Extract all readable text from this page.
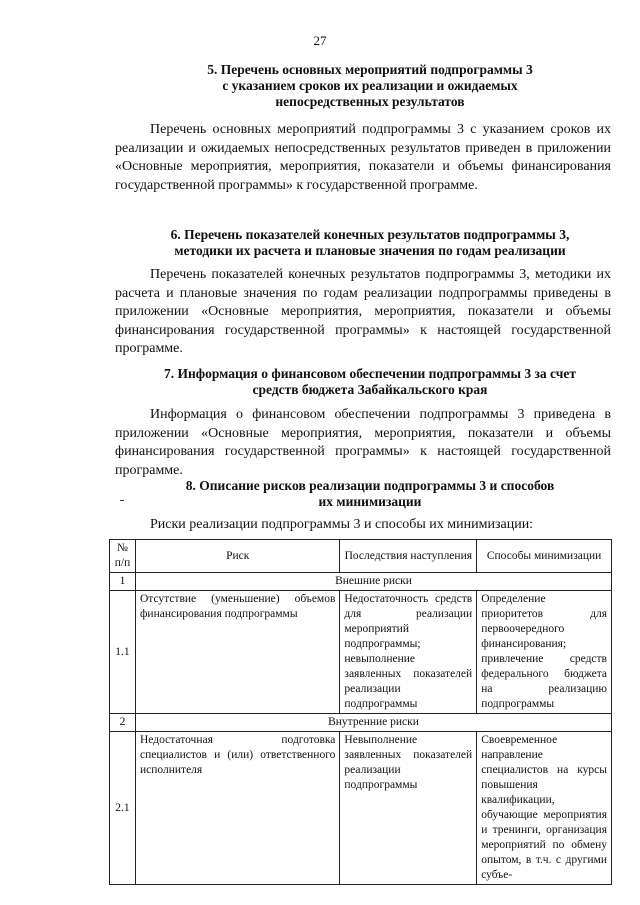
27
5. Перечень основных мероприятий подпрограммы 3
с указанием сроков их реализации и ожидаемых
непосредственных результатов
Перечень основных мероприятий подпрограммы 3 с указанием сроков их реализации и ожидаемых непосредственных результатов приведен в приложении «Основные мероприятия, мероприятия, показатели и объемы финансирования государственной программы» к государственной программе.
6. Перечень показателей конечных результатов подпрограммы 3,
методики их расчета и плановые значения по годам реализации
Перечень показателей конечных результатов подпрограммы 3, методики их расчета и плановые значения по годам реализации подпрограммы приведены в приложении «Основные мероприятия, мероприятия, показатели и объемы финансирования государственной программы» к настоящей государственной программе.
7. Информация о финансовом обеспечении подпрограммы 3 за счет
средств бюджета Забайкальского края
Информация о финансовом обеспечении подпрограммы 3 приведена в приложении «Основные мероприятия, мероприятия, показатели и объемы финансирования государственной программы» к настоящей государственной программе.
8. Описание рисков реализации подпрограммы 3 и способов
их минимизации
Риски реализации подпрограммы 3 и способы их минимизации:
№ п/п	Риск	Последствия наступления	Способы минимизации
1	Внешние риски		
1.1	Отсутствие (уменьшение) объемов финансирования подпрограммы	Недостаточность средств для реализации мероприятий подпрограммы; невыполнение заявленных показателей реализации подпрограммы	Определение приоритетов для первоочередного финансирования; привлечение средств федерального бюджета на реализацию подпрограммы
2	Внутренние риски		
2.1	Недостаточная подготовка специалистов и (или) ответственного исполнителя	Невыполнение заявленных показателей реализации подпрограммы	Своевременное направление специалистов на курсы повышения квалификации, обучающие мероприятия и тренинги, организация мероприятий по обмену опытом, в т.ч. с другими субъе-
